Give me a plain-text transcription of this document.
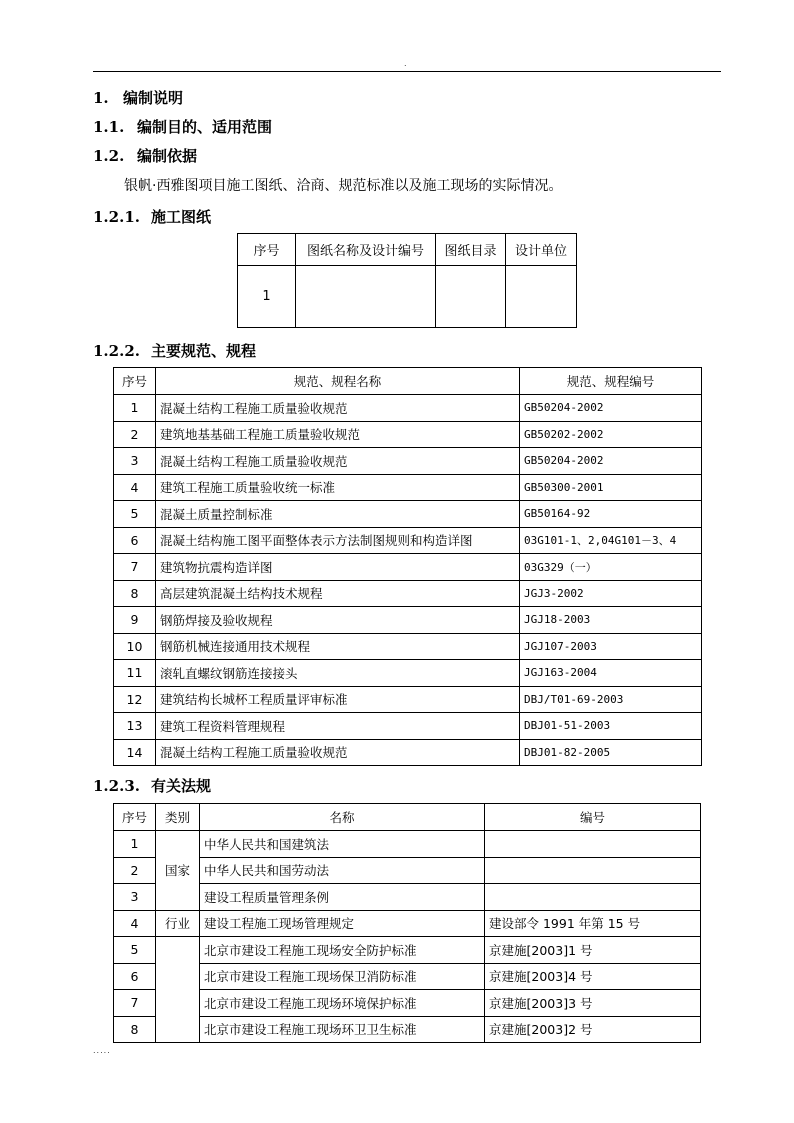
.
1. 编制说明
1.1. 编制目的、适用范围
1.2. 编制依据
银帆·西雅图项目施工图纸、洽商、规范标准以及施工现场的实际情况。
1.2.1. 施工图纸
序号	图纸名称及设计编号	图纸目录	设计单位
1			
1.2.2. 主要规范、规程
序号	规范、规程名称	规范、规程编号
1	混凝土结构工程施工质量验收规范	GB50204-2002
2	建筑地基基础工程施工质量验收规范	GB50202-2002
3	混凝土结构工程施工质量验收规范	GB50204-2002
4	建筑工程施工质量验收统一标准	GB50300-2001
5	混凝土质量控制标准	GB50164-92
6	混凝土结构施工图平面整体表示方法制图规则和构造详图	03G101-1、2,04G101－3、4
7	建筑物抗震构造详图	03G329（一）
8	高层建筑混凝土结构技术规程	JGJ3-2002
9	钢筋焊接及验收规程	JGJ18-2003
10	钢筋机械连接通用技术规程	JGJ107-2003
11	滚轧直螺纹钢筋连接接头	JGJ163-2004
12	建筑结构长城杯工程质量评审标准	DBJ/T01-69-2003
13	建筑工程资料管理规程	DBJ01-51-2003
14	混凝土结构工程施工质量验收规范	DBJ01-82-2005
1.2.3. 有关法规
序号	类别	名称	编号
1	国家	中华人民共和国建筑法	
2		中华人民共和国劳动法	
3		建设工程质量管理条例	
4	行业	建设工程施工现场管理规定	建设部令 1991 年第 15 号
5		北京市建设工程施工现场安全防护标准	京建施[2003]1 号
6		北京市建设工程施工现场保卫消防标准	京建施[2003]4 号
7		北京市建设工程施工现场环境保护标准	京建施[2003]3 号
8		北京市建设工程施工现场环卫卫生标准	京建施[2003]2 号
.....
